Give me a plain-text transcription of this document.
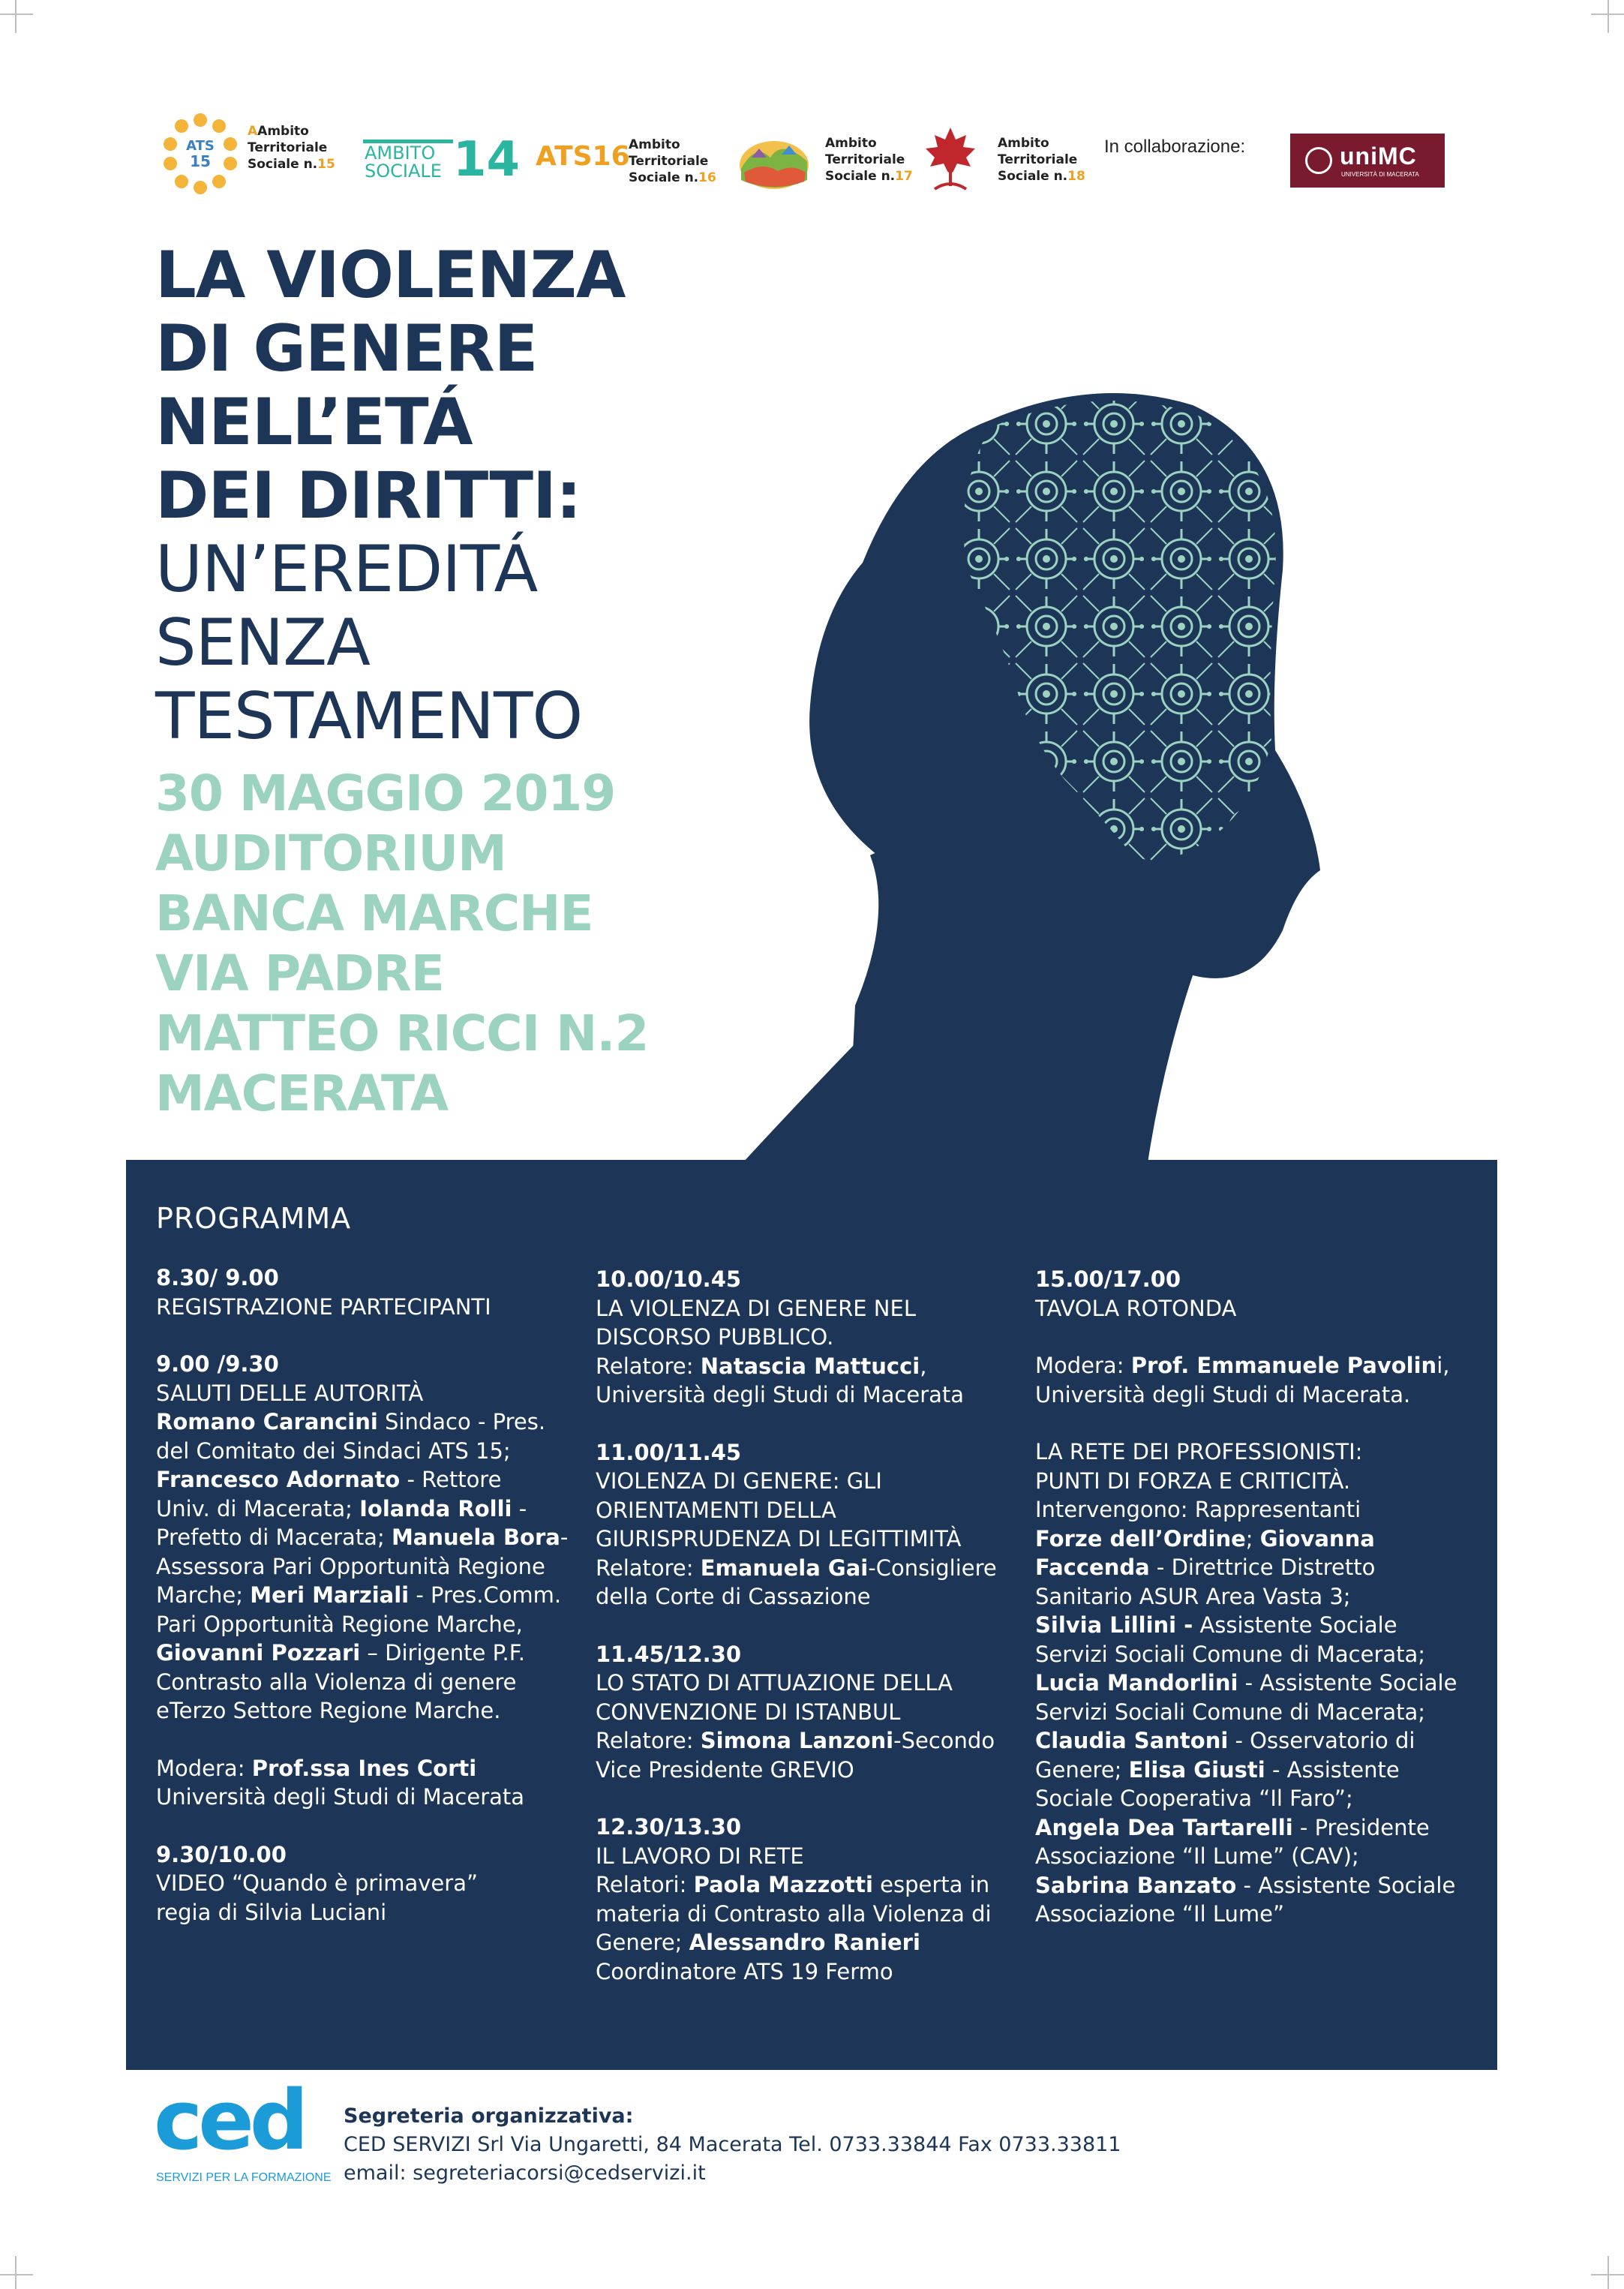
ATS
15
AAmbito
Territoriale
Sociale n.15
AMBITO
SOCIALE 14 ATS16
Ambito
Territoriale
Sociale n.16
Ambito
Territoriale
Sociale n.17
Ambito
Territoriale
Sociale n.18
In collaborazione:	uniMC
UNIVERSITÀ DI MACERATA
LA VIOLENZA
DI GENERE
NELL’ETÁ
DEI DIRITTI:
UN’EREDITÁ
SENZA
TESTAMENTO
30 MAGGIO 2019
AUDITORIUM
BANCA MARCHE
VIA PADRE
MATTEO RICCI N.2
MACERATA
PROGRAMMA
8.30/ 9.00
REGISTRAZIONE PARTECIPANTI
9.00 /9.30
SALUTI DELLE AUTORITÀ
Romano Carancini Sindaco - Pres.
del Comitato dei Sindaci ATS 15;
Francesco Adornato - Rettore
Univ. di Macerata; Iolanda Rolli -
Prefetto di Macerata; Manuela Bora-
Assessora Pari Opportunità Regione
Marche; Meri Marziali - Pres.Comm.
Pari Opportunità Regione Marche,
Giovanni Pozzari – Dirigente P.F.
Contrasto alla Violenza di genere
eTerzo Settore Regione Marche.
Modera: Prof.ssa Ines Corti
Università degli Studi di Macerata
9.30/10.00
VIDEO “Quando è primavera”
regia di Silvia Luciani
10.00/10.45
LA VIOLENZA DI GENERE NEL
DISCORSO PUBBLICO.
Relatore: Natascia Mattucci,
Università degli Studi di Macerata
11.00/11.45
VIOLENZA DI GENERE: GLI
ORIENTAMENTI DELLA
GIURISPRUDENZA DI LEGITTIMITÀ
Relatore: Emanuela Gai-Consigliere
della Corte di Cassazione
11.45/12.30
LO STATO DI ATTUAZIONE DELLA
CONVENZIONE DI ISTANBUL
Relatore: Simona Lanzoni-Secondo
Vice Presidente GREVIO
12.30/13.30
IL LAVORO DI RETE
Relatori: Paola Mazzotti esperta in
materia di Contrasto alla Violenza di
Genere; Alessandro Ranieri
Coordinatore ATS 19 Fermo
15.00/17.00
TAVOLA ROTONDA
Modera: Prof. Emmanuele Pavolini,
Università degli Studi di Macerata.
LA RETE DEI PROFESSIONISTI:
PUNTI DI FORZA E CRITICITÀ.
Intervengono: Rappresentanti
Forze dell’Ordine; Giovanna
Faccenda - Direttrice Distretto
Sanitario ASUR Area Vasta 3;
Silvia Lillini - Assistente Sociale
Servizi Sociali Comune di Macerata;
Lucia Mandorlini - Assistente Sociale
Servizi Sociali Comune di Macerata;
Claudia Santoni - Osservatorio di
Genere; Elisa Giusti - Assistente
Sociale Cooperativa “Il Faro”;
Angela Dea Tartarelli - Presidente
Associazione “Il Lume” (CAV);
Sabrina Banzato - Assistente Sociale
Associazione “Il Lume”
ced
SERVIZI PER LA FORMAZIONE
Segreteria organizzativa:
CED SERVIZI Srl Via Ungaretti, 84 Macerata Tel. 0733.33844 Fax 0733.33811
email: segreteriacorsi@cedservizi.it
